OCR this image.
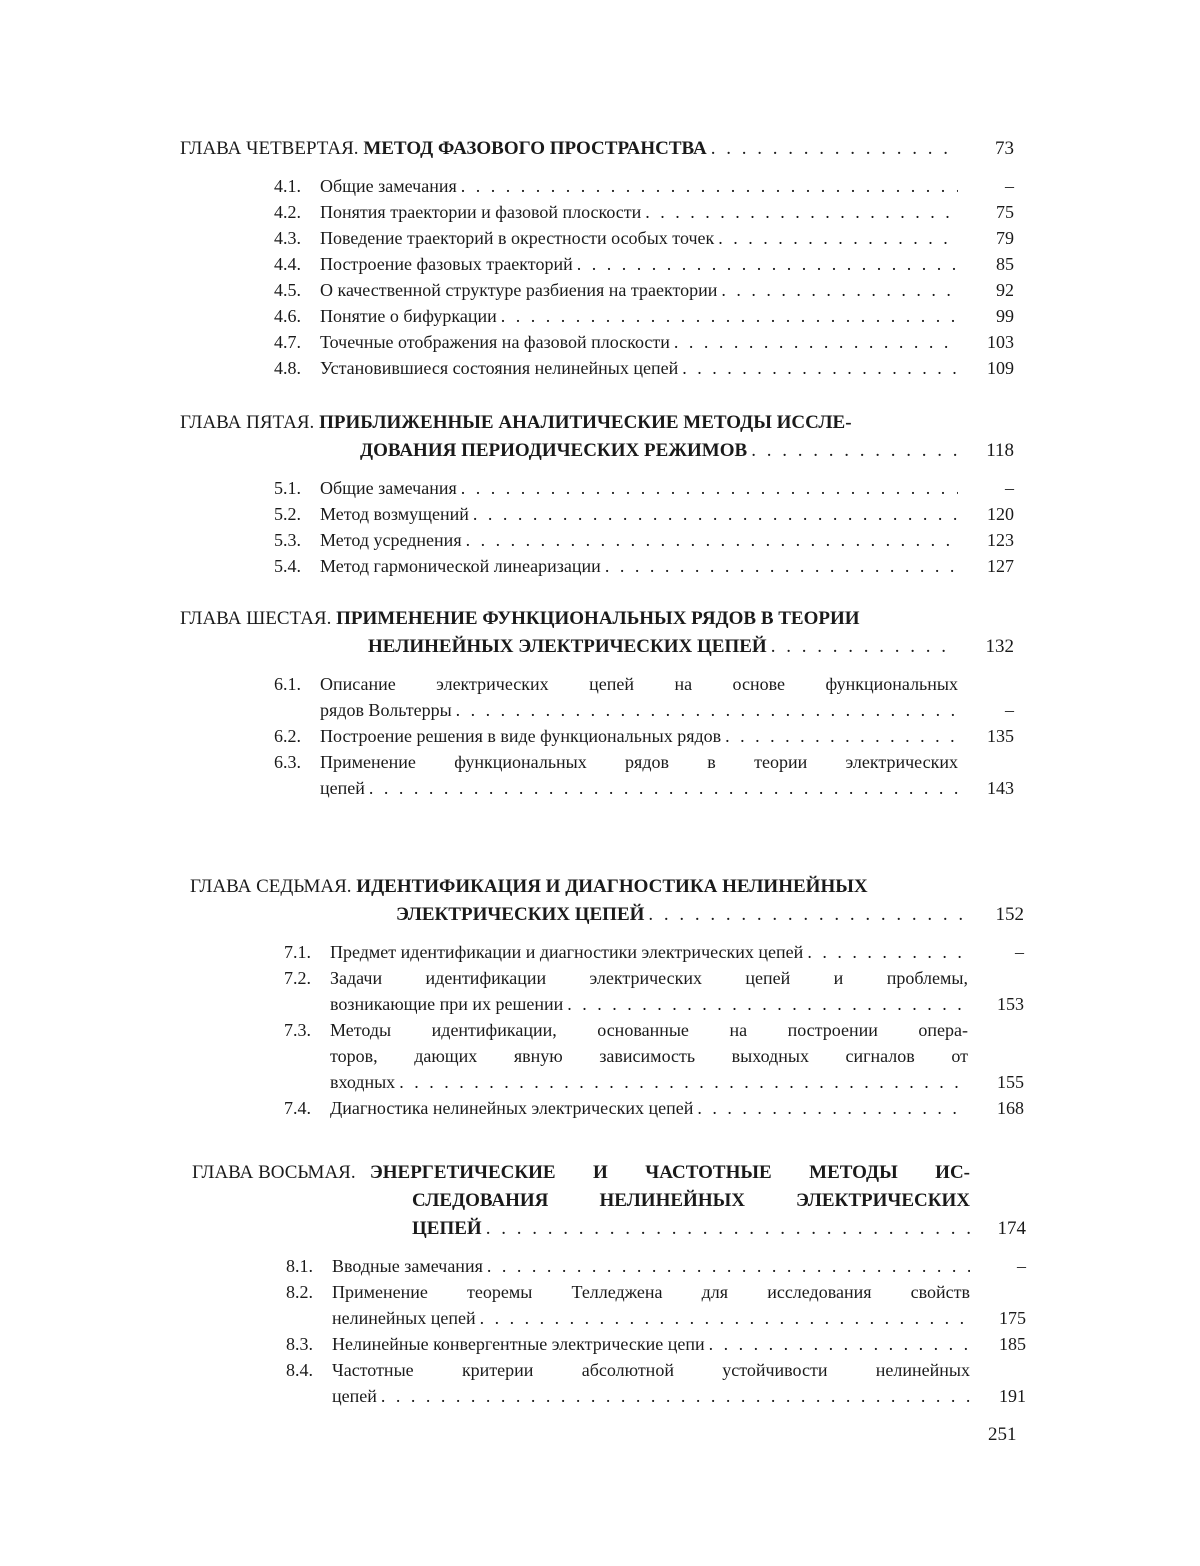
ГЛАВА ЧЕТВЕРТАЯ.
МЕТОД ФАЗОВОГО ПРОСТРАНСТВА . . .	73
4.1.	Общие замечания . . .	–
4.2.	Понятия траектории и фазовой плоскости . . .	75
4.3.	Поведение траекторий в окрестности особых точек . . .	79
4.4.	Построение фазовых траекторий . . .	85
4.5.	О качественной структуре разбиения на траектории . . .	92
4.6.	Понятие о бифуркации . . .	99
4.7.	Точечные отображения на фазовой плоскости . . .	103
4.8.	Установившиеся состояния нелинейных цепей . . .	109
ГЛАВА ПЯТАЯ.
ПРИБЛИЖЕННЫЕ АНАЛИТИЧЕСКИЕ МЕТОДЫ ИССЛЕ-
ДОВАНИЯ ПЕРИОДИЧЕСКИХ РЕЖИМОВ . . .	118
5.1.	Общие замечания . . .	–
5.2.	Метод возмущений . . .	120
5.3.	Метод усреднения . . .	123
5.4.	Метод гармонической линеаризации . . .	127
ГЛАВА ШЕСТАЯ.
ПРИМЕНЕНИЕ ФУНКЦИОНАЛЬНЫХ РЯДОВ В ТЕОРИИ
НЕЛИНЕЙНЫХ ЭЛЕКТРИЧЕСКИХ ЦЕПЕЙ . . .	132
6.1.	Описание электрических цепей на основе функциональных
рядов Вольтерры . . .	–
6.2.	Построение решения в виде функциональных рядов . . .	135
6.3.	Применение функциональных рядов в теории электрических
цепей . . .	143
ГЛАВА СЕДЬМАЯ.
ИДЕНТИФИКАЦИЯ И ДИАГНОСТИКА НЕЛИНЕЙНЫХ
ЭЛЕКТРИЧЕСКИХ ЦЕПЕЙ . . .	152
7.1.	Предмет идентификации и диагностики электрических цепей . . .	–
7.2.	Задачи идентификации электрических цепей и проблемы,
возникающие при их решении . . .	153
7.3.	Методы идентификации, основанные на построении опера-
торов, дающих явную зависимость выходных сигналов от
входных . . .	155
7.4.	Диагностика нелинейных электрических цепей . . .	168
ГЛАВА ВОСЬМАЯ.
ЭНЕРГЕТИЧЕСКИЕ И ЧАСТОТНЫЕ МЕТОДЫ ИС-
СЛЕДОВАНИЯ НЕЛИНЕЙНЫХ ЭЛЕКТРИЧЕСКИХ
ЦЕПЕЙ . . .	174
8.1.	Вводные замечания . . .	–
8.2.	Применение теоремы Телледжена для исследования свойств
нелинейных цепей . . .	175
8.3.	Нелинейные конвергентные электрические цепи . . .	185
8.4.	Частотные критерии абсолютной устойчивости нелинейных
цепей . . .	191
251
